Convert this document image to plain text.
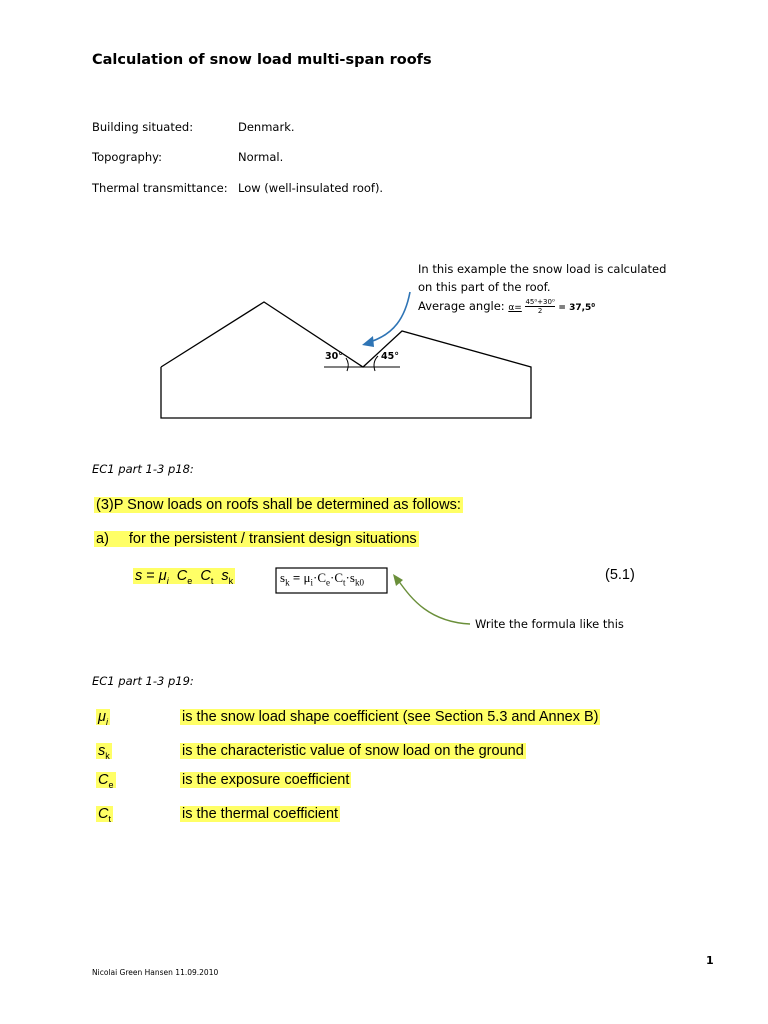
Calculation of snow load multi-span roofs
Building situated:	Denmark.
Topography:	Normal.
Thermal transmittance: Low (well-insulated roof).
In this example the snow load is calculated
on this part of the roof.
Average angle: $\alpha= \frac{\text{45⁰+30⁰}}{2} = 37,5^0$
30°	45°
EC1 part 1-3 p18:
(3)P Snow loads on roofs shall be determined as follows:
a) for the persistent / transient design situations
$s = \mu_i$ $C_e$ $C_t$ $s_k$	(5.1)
$s_k = \mu_i\cdot C_e\cdot C_t\cdot s_{k0}$
Write the formula like this
EC1 part 1-3 p19:
$\mu_i$	is the snow load shape coefficient (see Section 5.3 and Annex B)
$s_k$	is the characteristic value of snow load on the ground
$C_e$	is the exposure coefficient
$C_t$	is the thermal coefficient
1
Nicolai Green Hansen 11.09.2010
